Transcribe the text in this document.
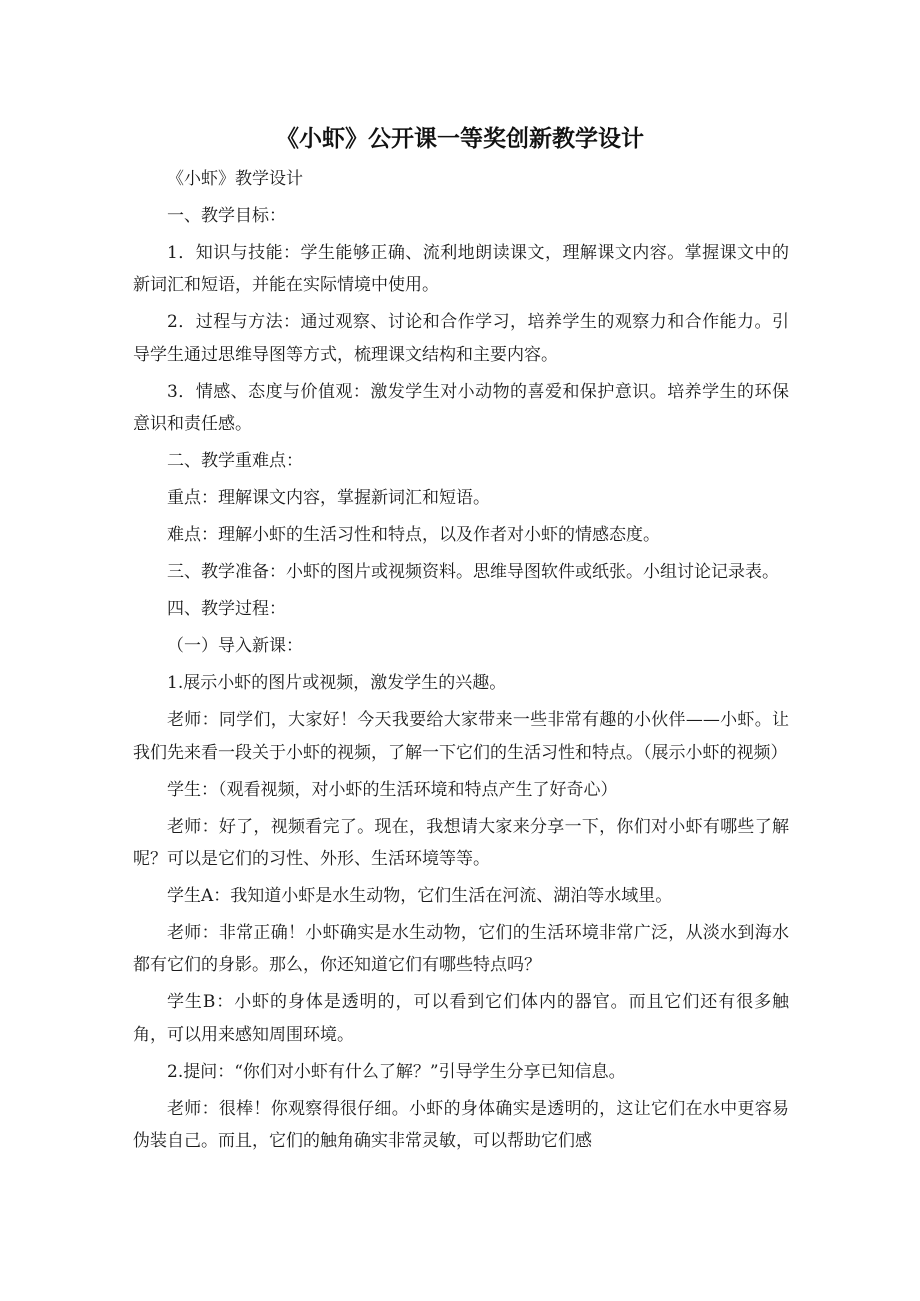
《小虾》公开课一等奖创新教学设计

《小虾》教学设计

一、教学目标：

1．知识与技能：学生能够正确、流利地朗读课文，理解课文内容。掌握课文中的新词汇和短语，并能在实际情境中使用。

2．过程与方法：通过观察、讨论和合作学习，培养学生的观察力和合作能力。引导学生通过思维导图等方式，梳理课文结构和主要内容。

3．情感、态度与价值观：激发学生对小动物的喜爱和保护意识。培养学生的环保意识和责任感。

二、教学重难点：

重点：理解课文内容，掌握新词汇和短语。

难点：理解小虾的生活习性和特点，以及作者对小虾的情感态度。

三、教学准备：小虾的图片或视频资料。思维导图软件或纸张。小组讨论记录表。

四、教学过程：

（一）导入新课：

1.展示小虾的图片或视频，激发学生的兴趣。

老师：同学们，大家好！今天我要给大家带来一些非常有趣的小伙伴——小虾。让我们先来看一段关于小虾的视频，了解一下它们的生活习性和特点。（展示小虾的视频）

学生：（观看视频，对小虾的生活环境和特点产生了好奇心）

老师：好了，视频看完了。现在，我想请大家来分享一下，你们对小虾有哪些了解呢？可以是它们的习性、外形、生活环境等等。

学生A：我知道小虾是水生动物，它们生活在河流、湖泊等水域里。

老师：非常正确！小虾确实是水生动物，它们的生活环境非常广泛，从淡水到海水都有它们的身影。那么，你还知道它们有哪些特点吗？

学生B：小虾的身体是透明的，可以看到它们体内的器官。而且它们还有很多触角，可以用来感知周围环境。

2.提问：“你们对小虾有什么了解？”引导学生分享已知信息。

老师：很棒！你观察得很仔细。小虾的身体确实是透明的，这让它们在水中更容易伪装自己。而且，它们的触角确实非常灵敏，可以帮助它们感
